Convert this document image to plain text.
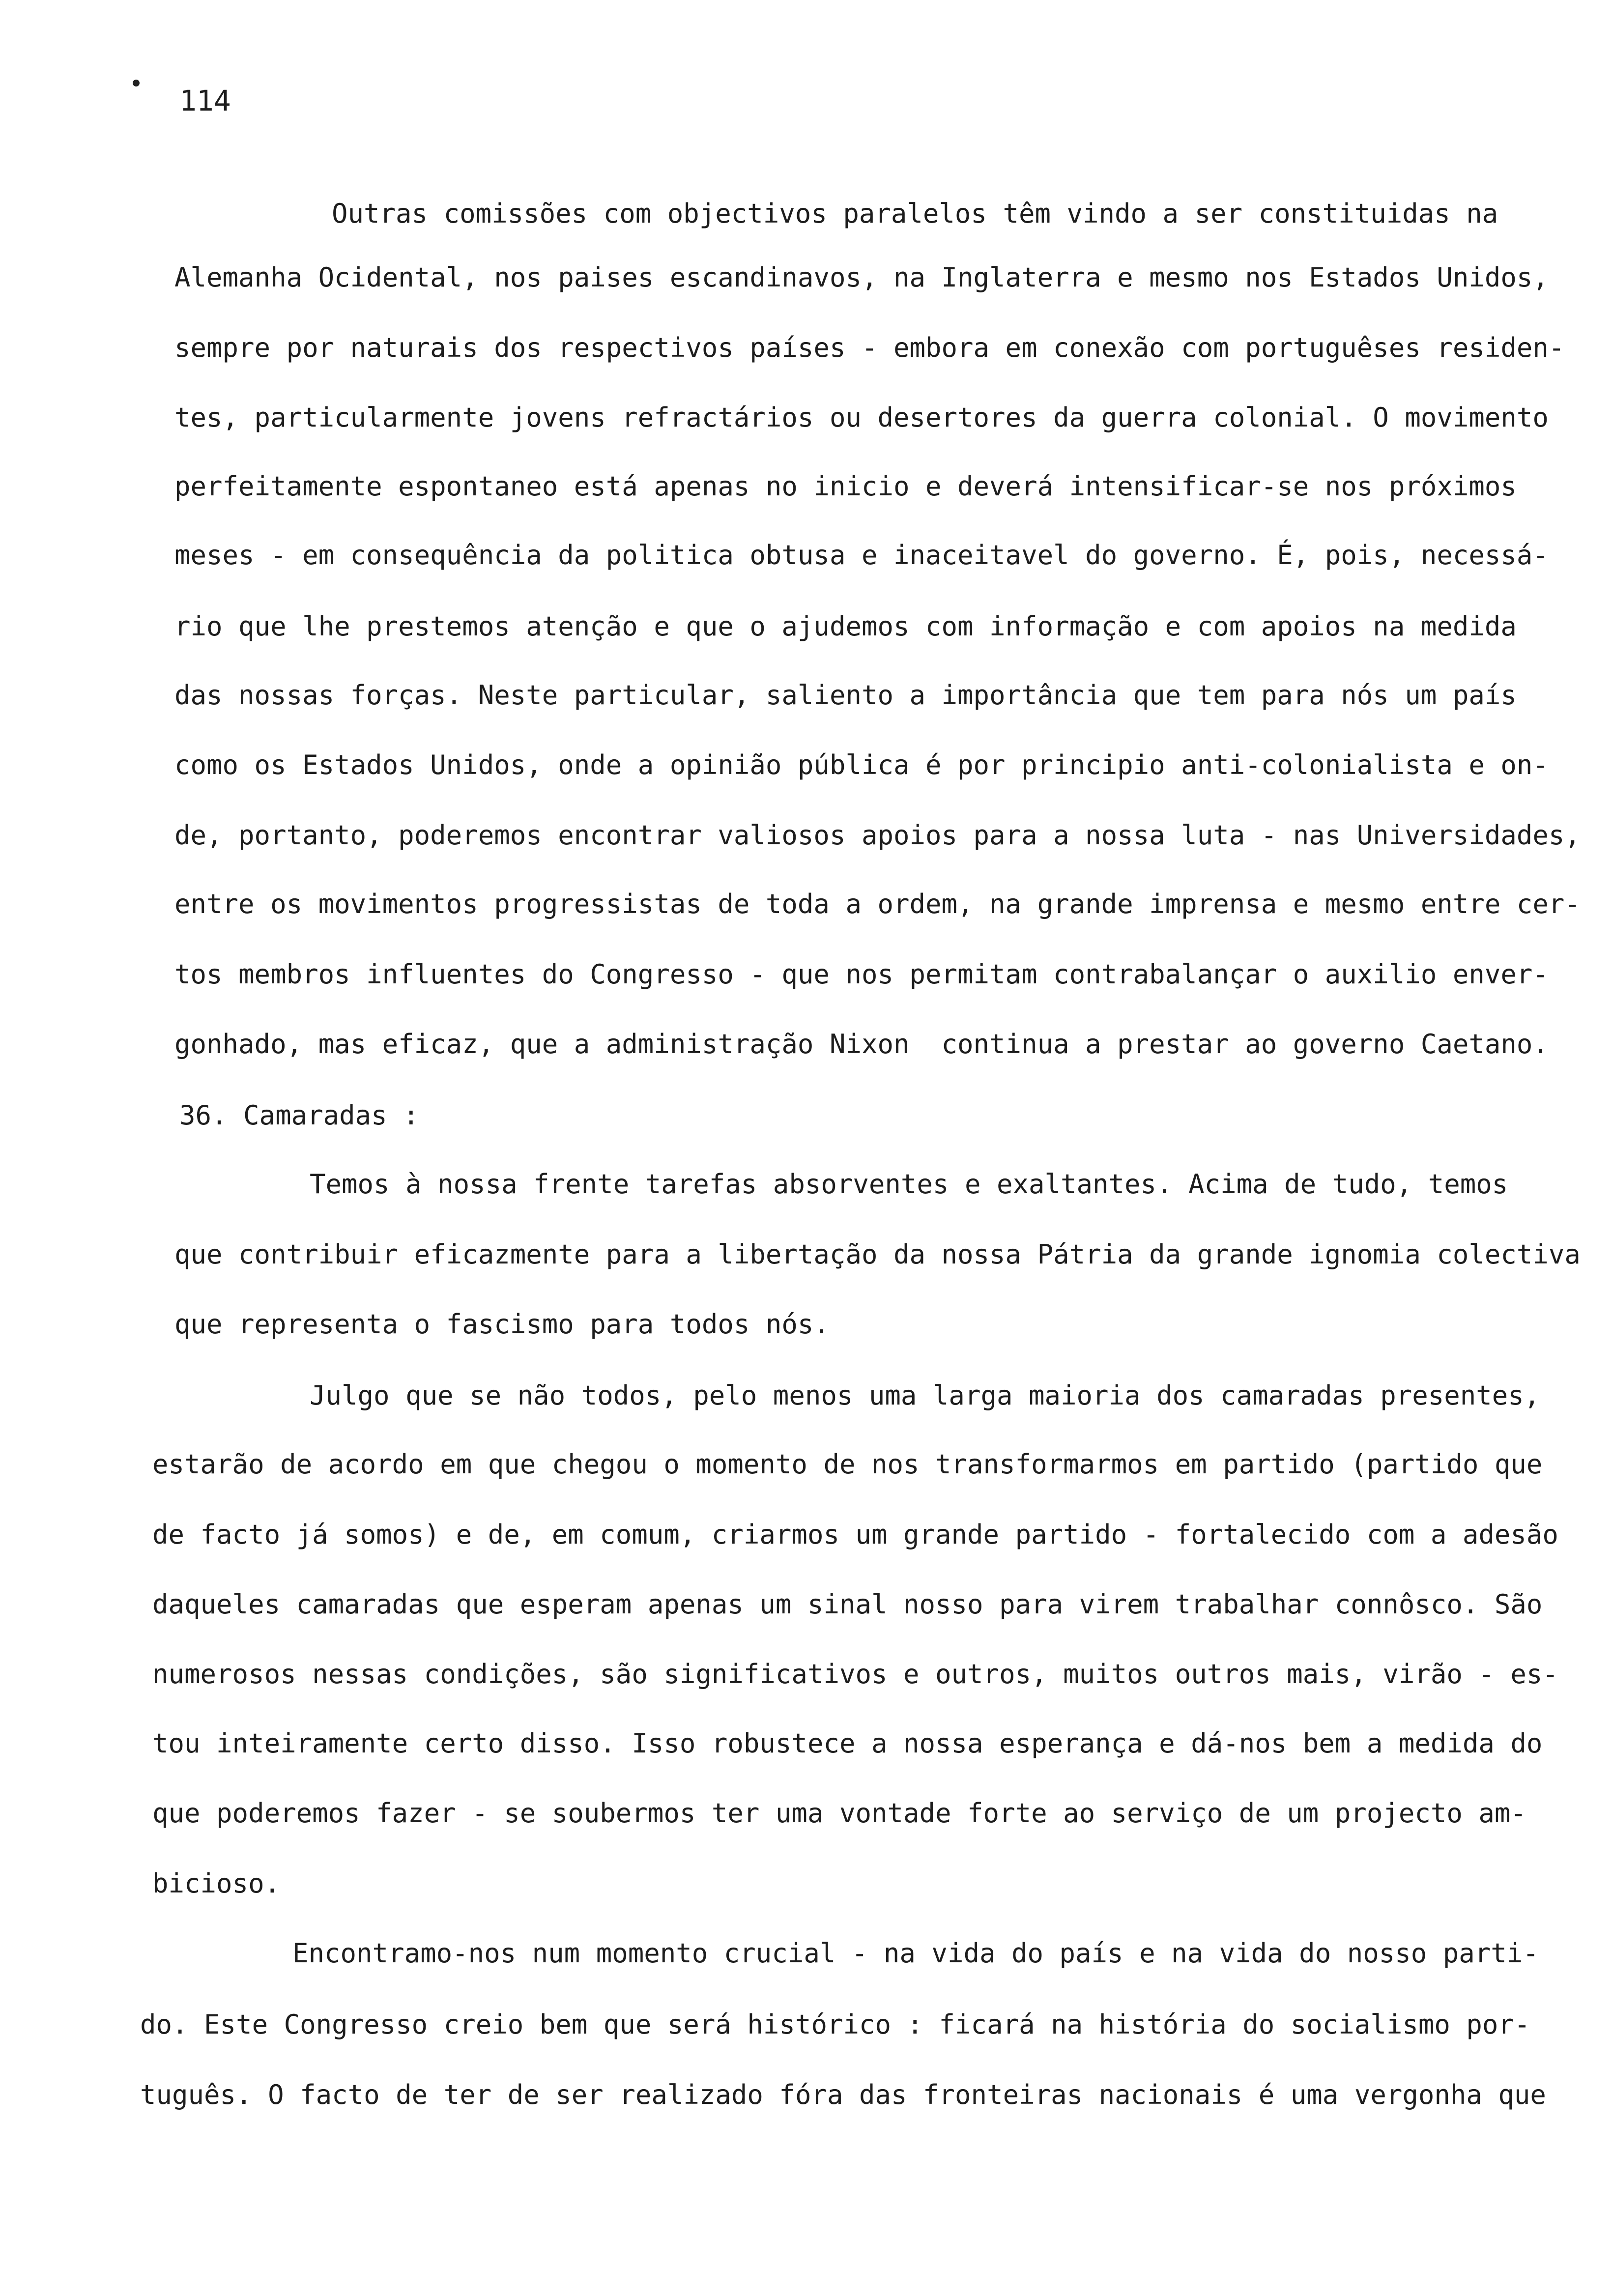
114
Outras comissões com objectivos paralelos têm vindo a ser constituidas na
Alemanha Ocidental, nos paises escandinavos, na Inglaterra e mesmo nos Estados Unidos,
sempre por naturais dos respectivos países - embora em conexão com portuguêses residen-
tes, particularmente jovens refractários ou desertores da guerra colonial. O movimento
perfeitamente espontaneo está apenas no inicio e deverá intensificar-se nos próximos
meses - em consequência da politica obtusa e inaceitavel do governo. É, pois, necessá-
rio que lhe prestemos atenção e que o ajudemos com informação e com apoios na medida
das nossas forças. Neste particular, saliento a importância que tem para nós um país
como os Estados Unidos, onde a opinião pública é por principio anti-colonialista e on-
de, portanto, poderemos encontrar valiosos apoios para a nossa luta - nas Universidades,
entre os movimentos progressistas de toda a ordem, na grande imprensa e mesmo entre cer-
tos membros influentes do Congresso - que nos permitam contrabalançar o auxilio enver-
gonhado, mas eficaz, que a administração Nixon  continua a prestar ao governo Caetano.
36. Camaradas :
Temos à nossa frente tarefas absorventes e exaltantes. Acima de tudo, temos
que contribuir eficazmente para a libertação da nossa Pátria da grande ignomia colectiva
que representa o fascismo para todos nós.
Julgo que se não todos, pelo menos uma larga maioria dos camaradas presentes,
estarão de acordo em que chegou o momento de nos transformarmos em partido (partido que
de facto já somos) e de, em comum, criarmos um grande partido - fortalecido com a adesão
daqueles camaradas que esperam apenas um sinal nosso para virem trabalhar connôsco. São
numerosos nessas condições, são significativos e outros, muitos outros mais, virão - es-
tou inteiramente certo disso. Isso robustece a nossa esperança e dá-nos bem a medida do
que poderemos fazer - se soubermos ter uma vontade forte ao serviço de um projecto am-
bicioso.
Encontramo-nos num momento crucial - na vida do país e na vida do nosso parti-
do. Este Congresso creio bem que será histórico : ficará na história do socialismo por-
tuguês. O facto de ter de ser realizado fóra das fronteiras nacionais é uma vergonha que
